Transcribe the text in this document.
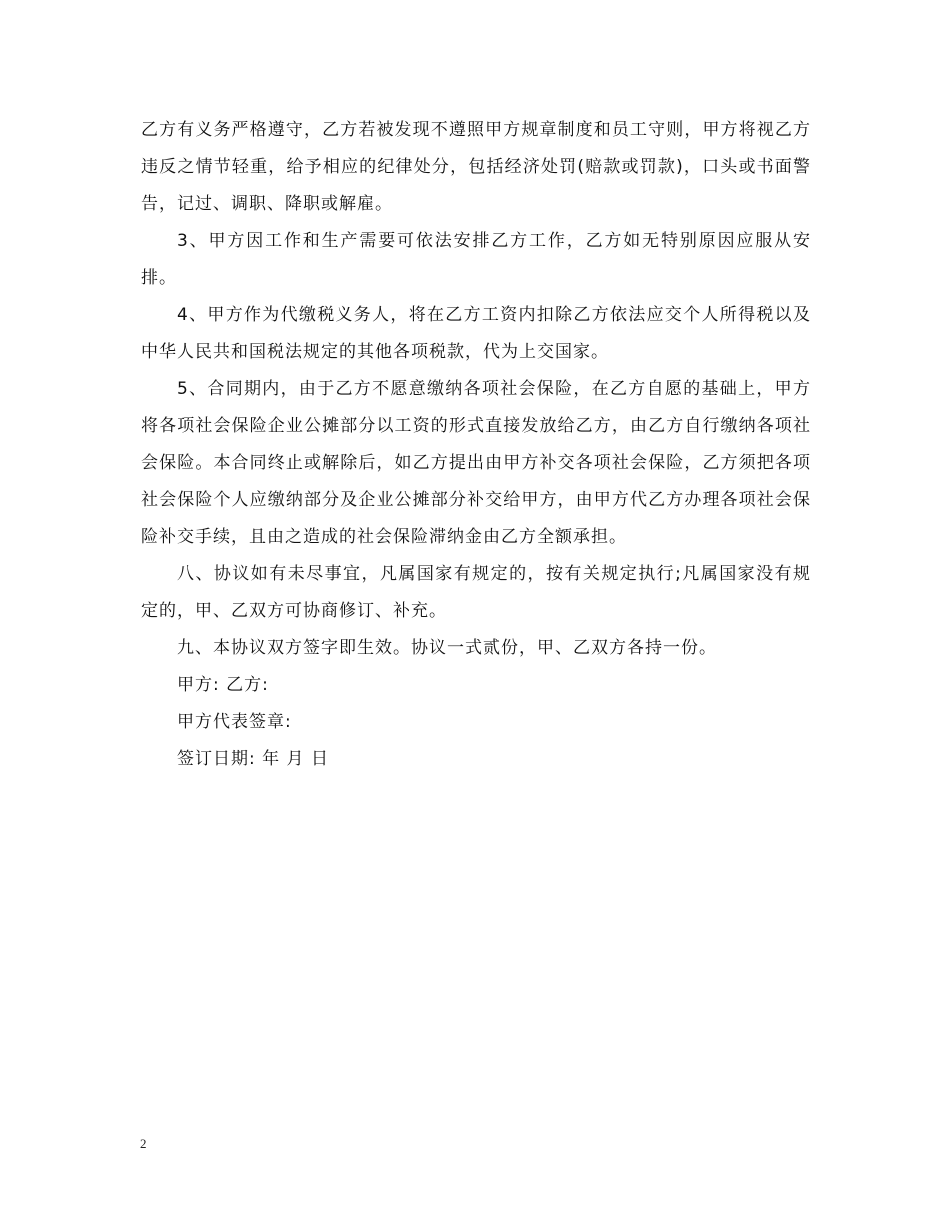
乙方有义务严格遵守，乙方若被发现不遵照甲方规章制度和员工守则，甲方将视乙方违反之情节轻重，给予相应的纪律处分，包括经济处罚(赔款或罚款)，口头或书面警告，记过、调职、降职或解雇。

3、甲方因工作和生产需要可依法安排乙方工作，乙方如无特别原因应服从安排。

4、甲方作为代缴税义务人，将在乙方工资内扣除乙方依法应交个人所得税以及中华人民共和国税法规定的其他各项税款，代为上交国家。

5、合同期内，由于乙方不愿意缴纳各项社会保险，在乙方自愿的基础上，甲方将各项社会保险企业公摊部分以工资的形式直接发放给乙方，由乙方自行缴纳各项社会保险。本合同终止或解除后，如乙方提出由甲方补交各项社会保险，乙方须把各项社会保险个人应缴纳部分及企业公摊部分补交给甲方，由甲方代乙方办理各项社会保险补交手续，且由之造成的社会保险滞纳金由乙方全额承担。

八、协议如有未尽事宜，凡属国家有规定的，按有关规定执行;凡属国家没有规定的，甲、乙双方可协商修订、补充。

九、本协议双方签字即生效。协议一式贰份，甲、乙双方各持一份。

甲方: 乙方:

甲方代表签章:

签订日期: 年 月 日

2
